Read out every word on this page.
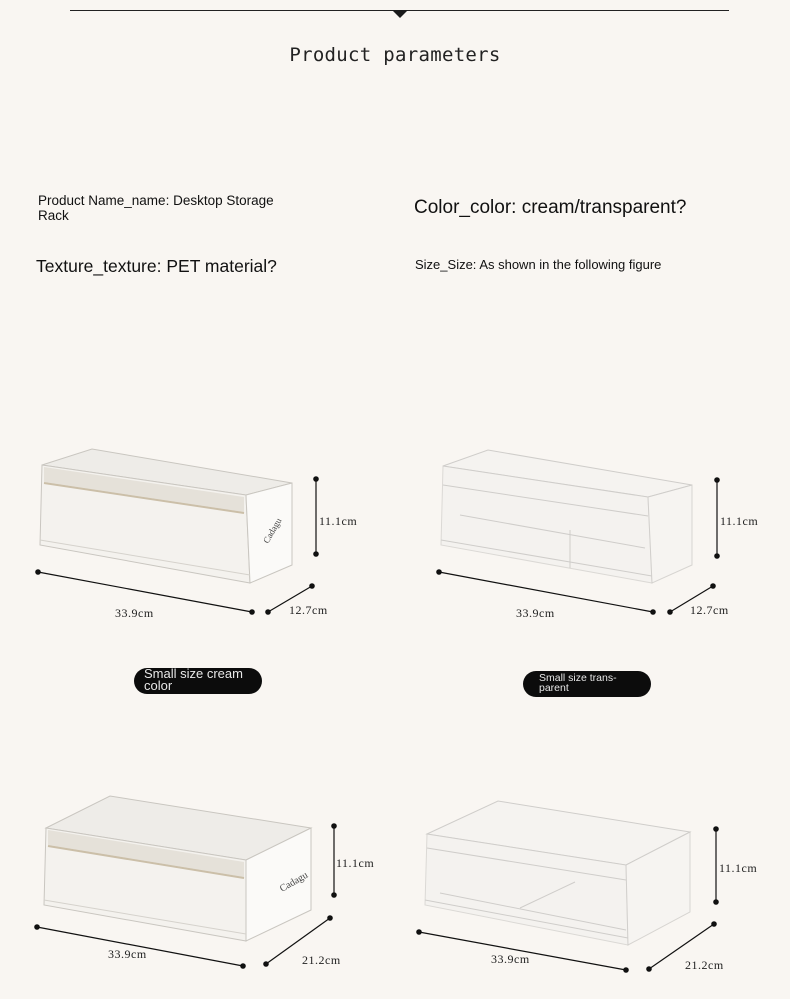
Product parameters
Product Name_name: Desktop Storage Rack	Color_color: cream/transparent?
Texture_texture: PET material?	Size_Size: As shown in the following figure
Cadagu
Cadagu
33.9cm	12.7cm
11.1cm
33.9cm	12.7cm
11.1cm
33.9cm	21.2cm
11.1cm
33.9cm	21.2cm
11.1cm
Small size cream color	Small size trans- parent
